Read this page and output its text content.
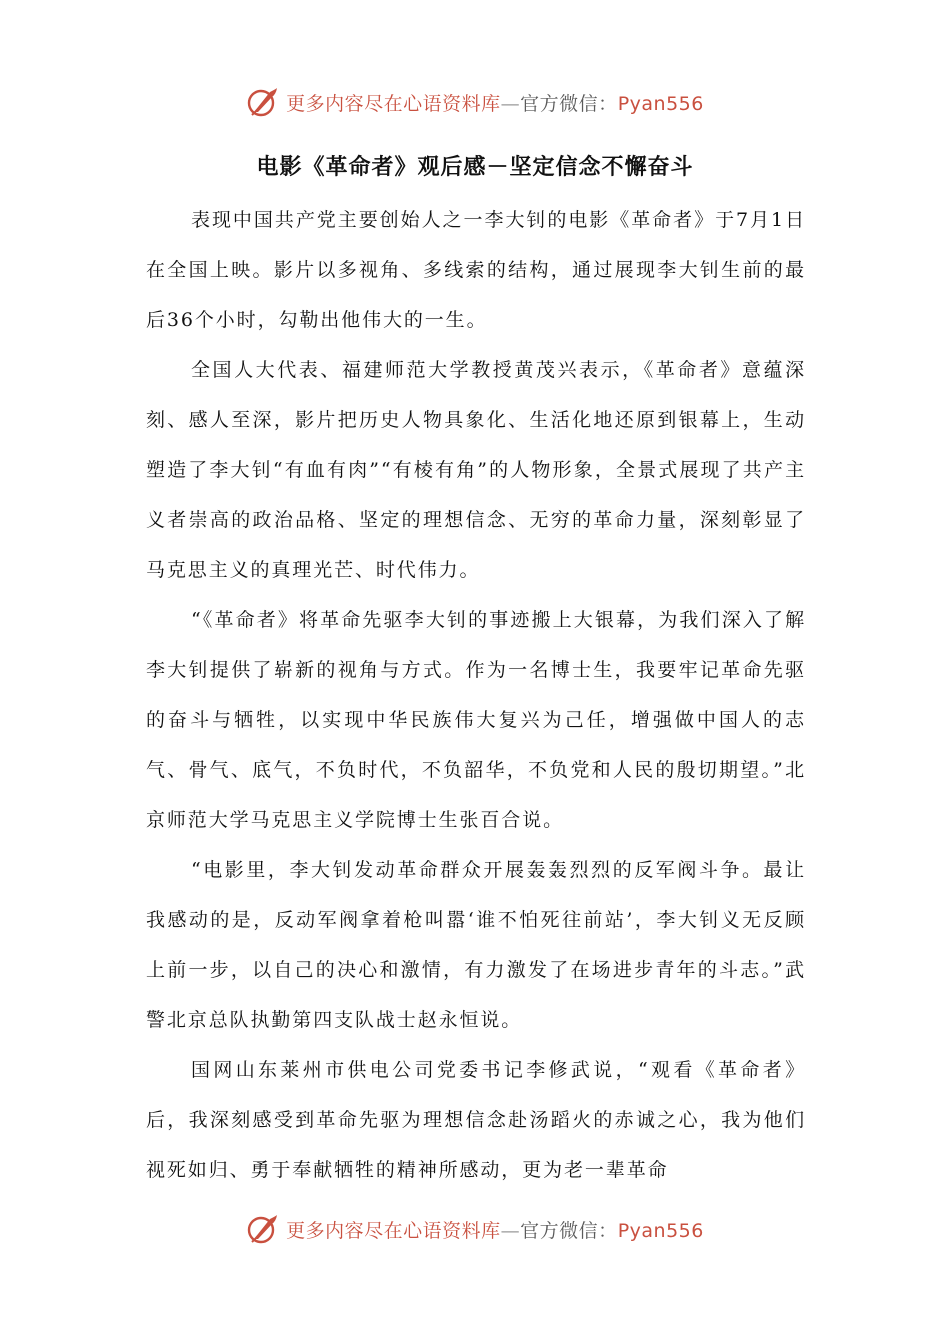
更多内容尽在心语资料库—官方微信：Pyan556
电影《革命者》观后感－坚定信念不懈奋斗

表现中国共产党主要创始人之一李大钊的电影《革命者》于7月1日在全国上映。影片以多视角、多线索的结构，通过展现李大钊生前的最后36个小时，勾勒出他伟大的一生。

全国人大代表、福建师范大学教授黄茂兴表示，《革命者》意蕴深刻、感人至深，影片把历史人物具象化、生活化地还原到银幕上，生动塑造了李大钊“有血有肉”“有棱有角”的人物形象，全景式展现了共产主义者崇高的政治品格、坚定的理想信念、无穷的革命力量，深刻彰显了马克思主义的真理光芒、时代伟力。

“《革命者》将革命先驱李大钊的事迹搬上大银幕，为我们深入了解李大钊提供了崭新的视角与方式。作为一名博士生，我要牢记革命先驱的奋斗与牺牲，以实现中华民族伟大复兴为己任，增强做中国人的志气、骨气、底气，不负时代，不负韶华，不负党和人民的殷切期望。”北京师范大学马克思主义学院博士生张百合说。

“电影里，李大钊发动革命群众开展轰轰烈烈的反军阀斗争。最让我感动的是，反动军阀拿着枪叫嚣‘谁不怕死往前站’，李大钊义无反顾上前一步，以自己的决心和激情，有力激发了在场进步青年的斗志。”武警北京总队执勤第四支队战士赵永恒说。

国网山东莱州市供电公司党委书记李修武说，“观看《革命者》后，我深刻感受到革命先驱为理想信念赴汤蹈火的赤诚之心，我为他们视死如归、勇于奉献牺牲的精神所感动，更为老一辈革命

更多内容尽在心语资料库—官方微信：Pyan556
